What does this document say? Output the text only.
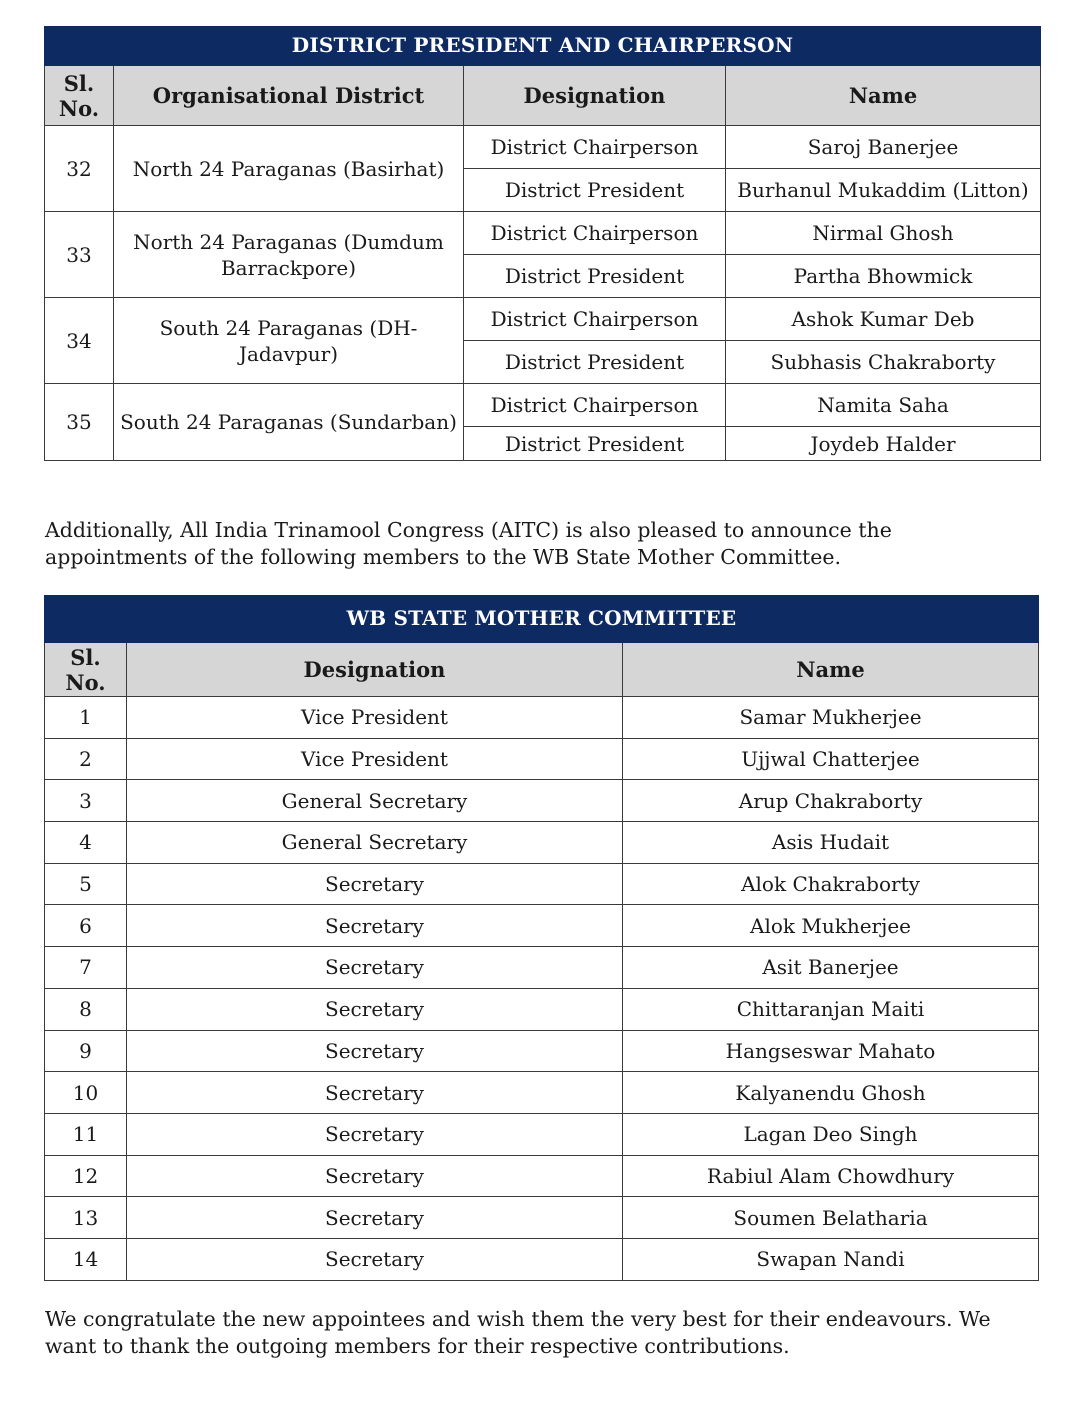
DISTRICT PRESIDENT AND CHAIRPERSON			
Sl.
No.	Organisational District	Designation	Name
32	North 24 Paraganas (Basirhat)	District Chairperson	Saroj Banerjee
		District President	Burhanul Mukaddim (Litton)
33	North 24 Paraganas (Dumdum Barrackpore)	District Chairperson	Nirmal Ghosh
		District President	Partha Bhowmick
34	South 24 Paraganas (DH-Jadavpur)	District Chairperson	Ashok Kumar Deb
		District President	Subhasis Chakraborty
35	South 24 Paraganas (Sundarban)	District Chairperson	Namita Saha
		District President	Joydeb Halder

Additionally, All India Trinamool Congress (AITC) is also pleased to announce the appointments of the following members to the WB State Mother Committee.

WB STATE MOTHER COMMITTEE		
Sl.
No.	Designation	Name
1	Vice President	Samar Mukherjee
2	Vice President	Ujjwal Chatterjee
3	General Secretary	Arup Chakraborty
4	General Secretary	Asis Hudait
5	Secretary	Alok Chakraborty
6	Secretary	Alok Mukherjee
7	Secretary	Asit Banerjee
8	Secretary	Chittaranjan Maiti
9	Secretary	Hangseswar Mahato
10	Secretary	Kalyanendu Ghosh
11	Secretary	Lagan Deo Singh
12	Secretary	Rabiul Alam Chowdhury
13	Secretary	Soumen Belatharia
14	Secretary	Swapan Nandi

We congratulate the new appointees and wish them the very best for their endeavours. We want to thank the outgoing members for their respective contributions.
